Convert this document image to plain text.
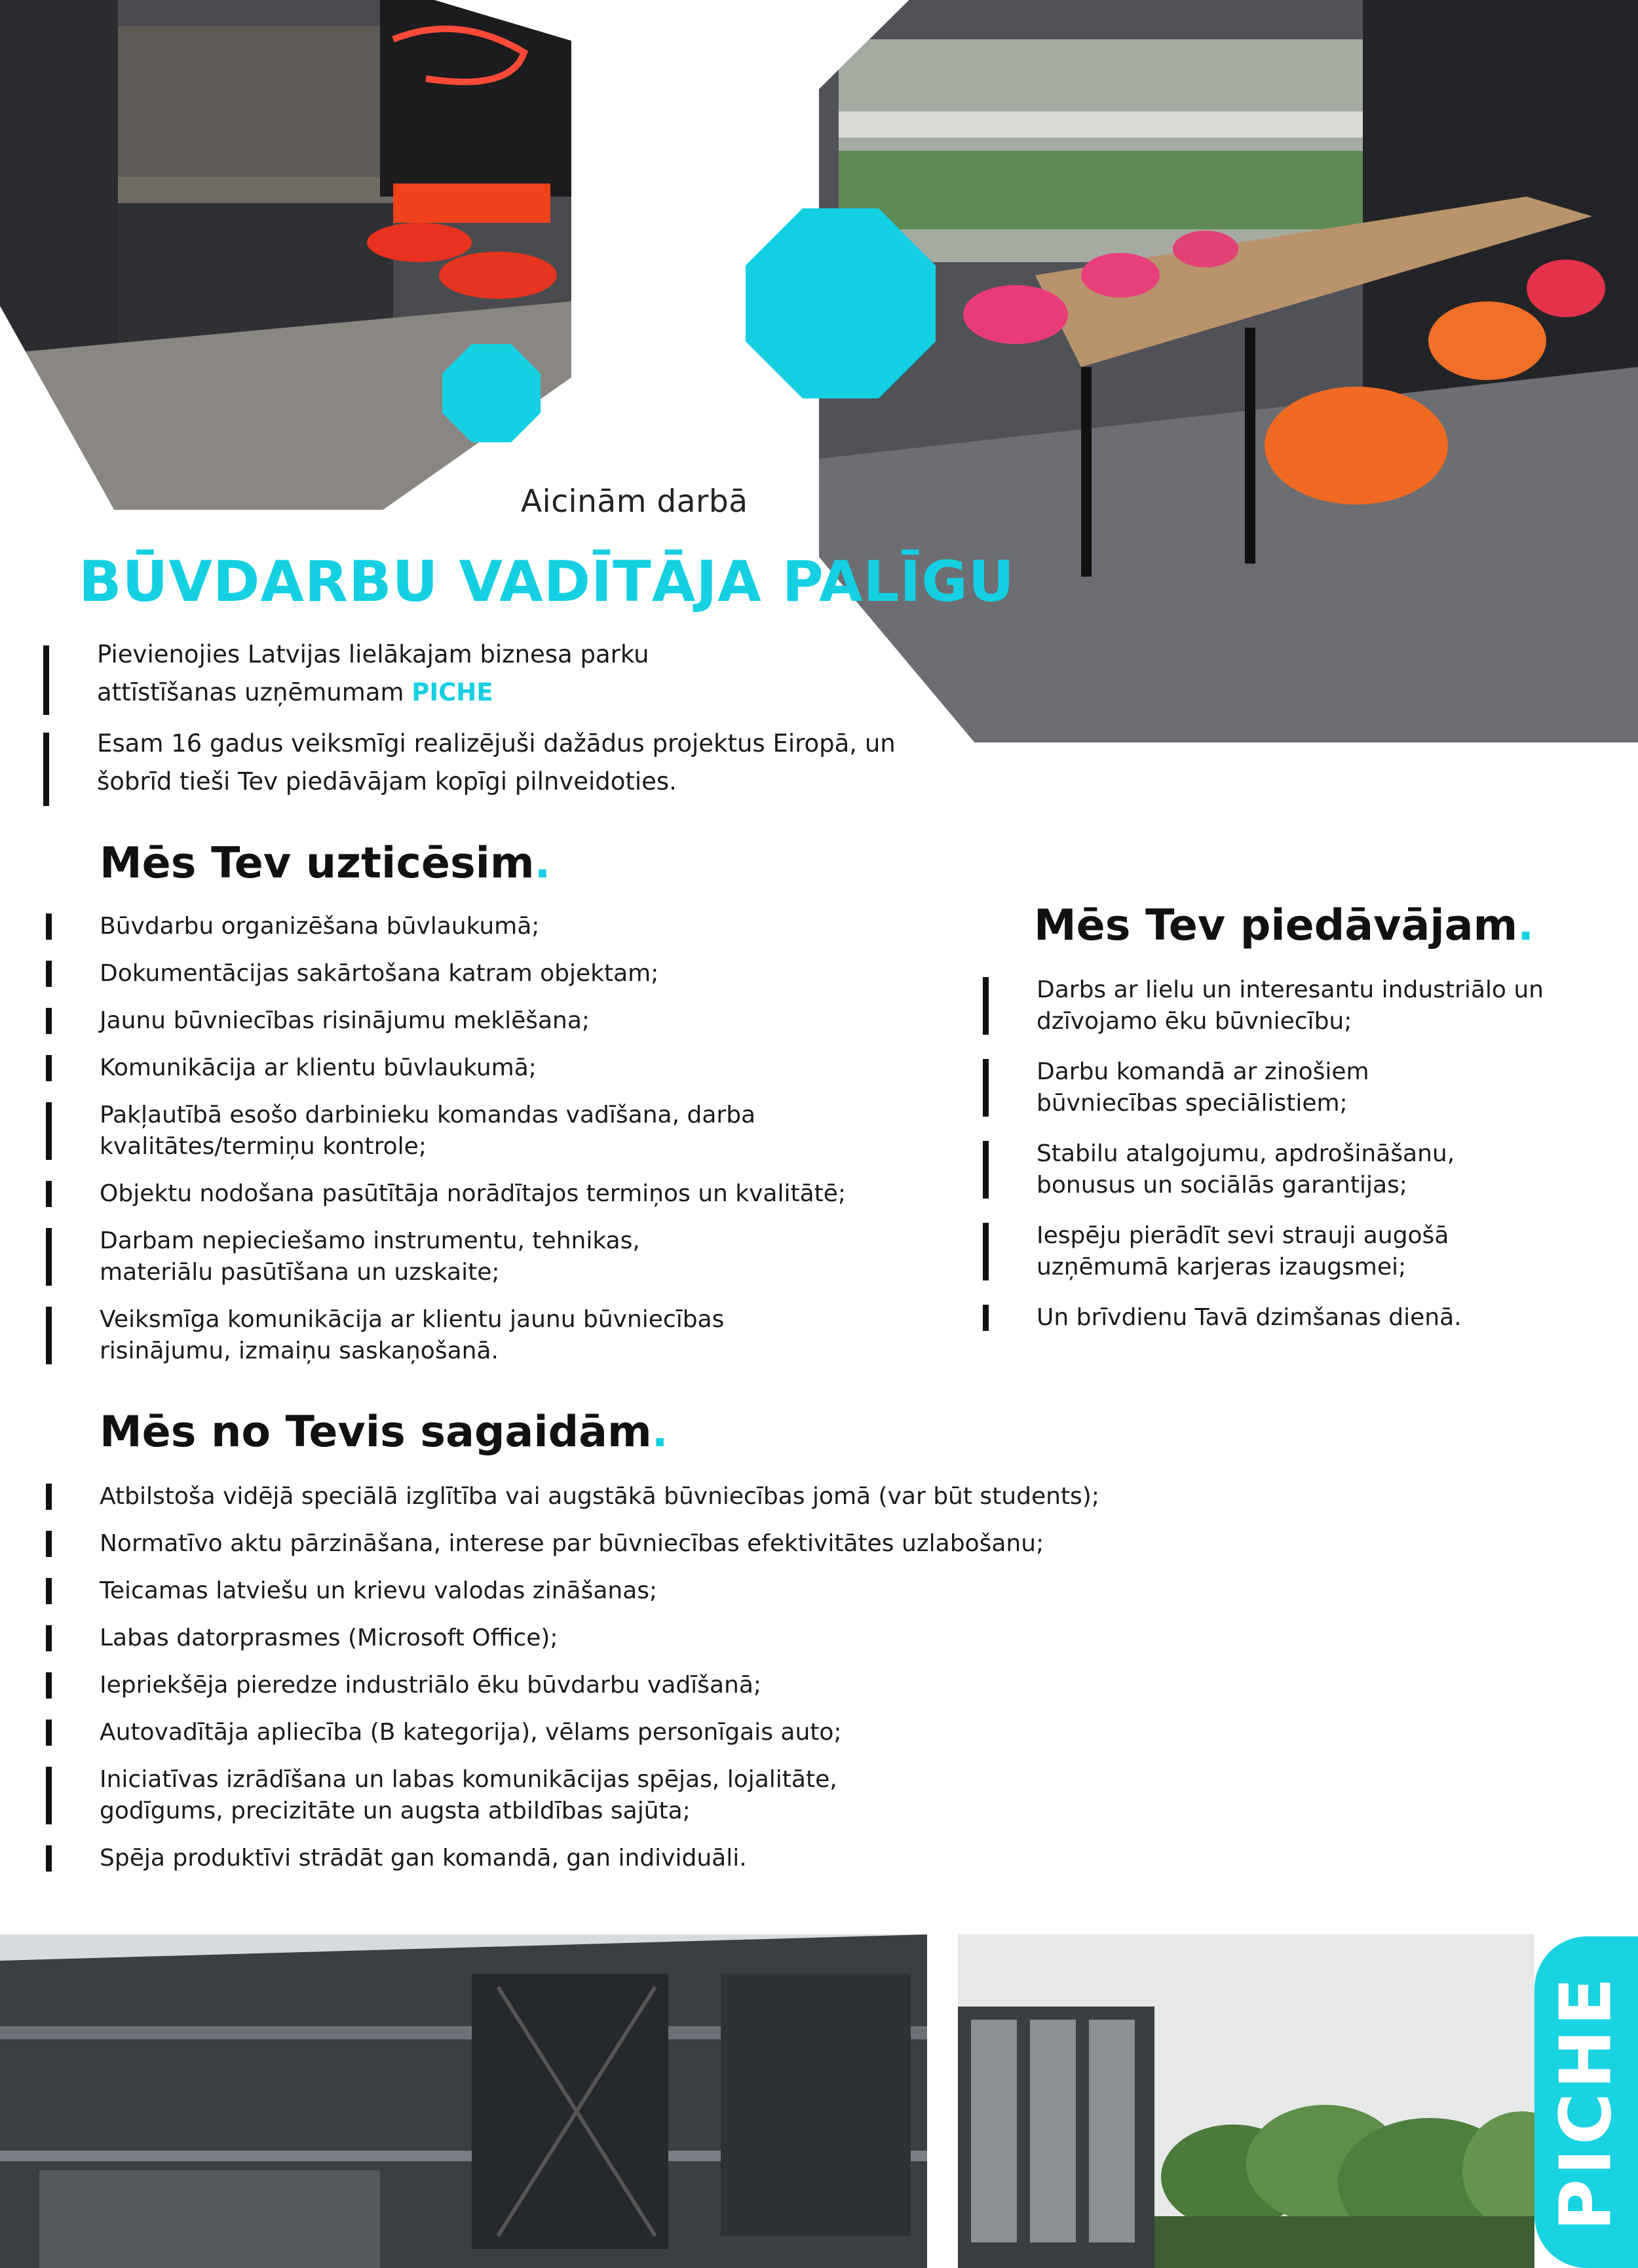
Aicinām darbā
BŪVDARBU VADĪTĀJA PALĪGU

Pievienojies Latvijas lielākajam biznesa parku
attīstīšanas uzņēmumam PICHE

Esam 16 gadus veiksmīgi realizējuši dažādus projektus Eiropā, un šobrīd tieši Tev piedāvājam kopīgi pilnveidoties.

Mēs Tev uzticēsim.
Būvdarbu organizēšana būvlaukumā;
Dokumentācijas sakārtošana katram objektam;
Jaunu būvniecības risinājumu meklēšana;
Komunikācija ar klientu būvlaukumā;
Pakļautībā esošo darbinieku komandas vadīšana, darba kvalitātes/termiņu kontrole;
Objektu nodošana pasūtītāja norādītajos termiņos un kvalitātē;
Darbam nepieciešamo instrumentu, tehnikas, materiālu pasūtīšana un uzskaite;
Veiksmīga komunikācija ar klientu jaunu būvniecības risinājumu, izmaiņu saskaņošanā.
Mēs Tev piedāvājam.
Darbs ar lielu un interesantu industriālo un dzīvojamo ēku būvniecību;
Darbu komandā ar zinošiem būvniecības speciālistiem;
Stabilu atalgojumu, apdrošināšanu, bonusus un sociālās garantijas;
Iespēju pierādīt sevi strauji augošā uzņēmumā karjeras izaugsmei;
Un brīvdienu Tavā dzimšanas dienā.
Mēs no Tevis sagaidām.
Atbilstoša vidējā speciālā izglītība vai augstākā būvniecības jomā (var būt students);
Normatīvo aktu pārzināšana, interese par būvniecības efektivitātes uzlabošanu;
Teicamas latviešu un krievu valodas zināšanas;
Labas datorprasmes (Microsoft Office);
Iepriekšēja pieredze industriālo ēku būvdarbu vadīšanā;
Autovadītāja apliecība (B kategorija), vēlams personīgais auto;
Iniciatīvas izrādīšana un labas komunikācijas spējas, lojalitāte, godīgums, precizitāte un augsta atbildības sajūta;
Spēja produktīvi strādāt gan komandā, gan individuāli.
PICHE
